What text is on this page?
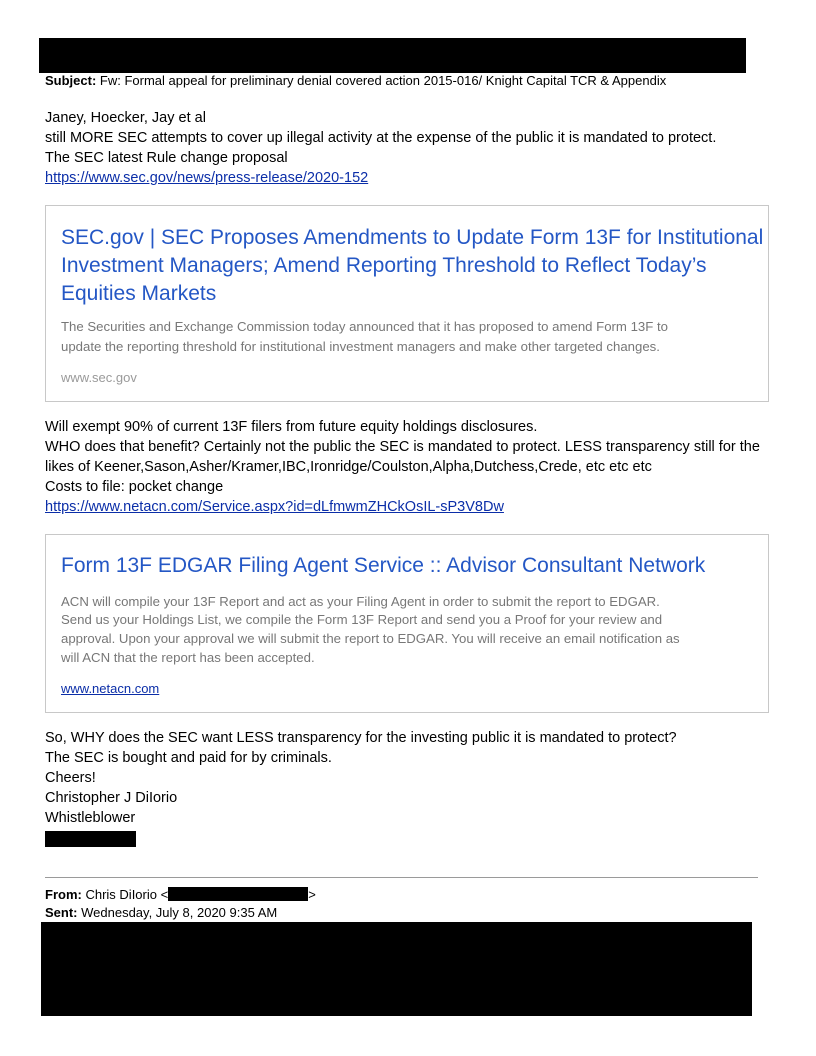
Subject: Fw: Formal appeal for preliminary denial covered action 2015-016/ Knight Capital TCR & Appendix
Janey, Hoecker, Jay et al
still MORE SEC attempts to cover up illegal activity at the expense of the public it is mandated to protect.
The SEC latest Rule change proposal
https://www.sec.gov/news/press-release/2020-152
SEC.gov | SEC Proposes Amendments to Update Form 13F for Institutional
Investment Managers; Amend Reporting Threshold to Reflect Today’s
Equities Markets
The Securities and Exchange Commission today announced that it has proposed to amend Form 13F to
update the reporting threshold for institutional investment managers and make other targeted changes.
www.sec.gov
Will exempt 90% of current 13F filers from future equity holdings disclosures.
WHO does that benefit? Certainly not the public the SEC is mandated to protect. LESS transparency still for the
likes of Keener,Sason,Asher/Kramer,IBC,Ironridge/Coulston,Alpha,Dutchess,Crede, etc etc etc
Costs to file: pocket change
https://www.netacn.com/Service.aspx?id=dLfmwmZHCkOsIL-sP3V8Dw
Form 13F EDGAR Filing Agent Service :: Advisor Consultant Network
ACN will compile your 13F Report and act as your Filing Agent in order to submit the report to EDGAR.
Send us your Holdings List, we compile the Form 13F Report and send you a Proof for your review and
approval. Upon your approval we will submit the report to EDGAR. You will receive an email notification as
will ACN that the report has been accepted.
www.netacn.com
So, WHY does the SEC want LESS transparency for the investing public it is mandated to protect?
The SEC is bought and paid for by criminals.
Cheers!
Christopher J DiIorio
Whistleblower
From: Chris DiIorio <	>
Sent: Wednesday, July 8, 2020 9:35 AM
